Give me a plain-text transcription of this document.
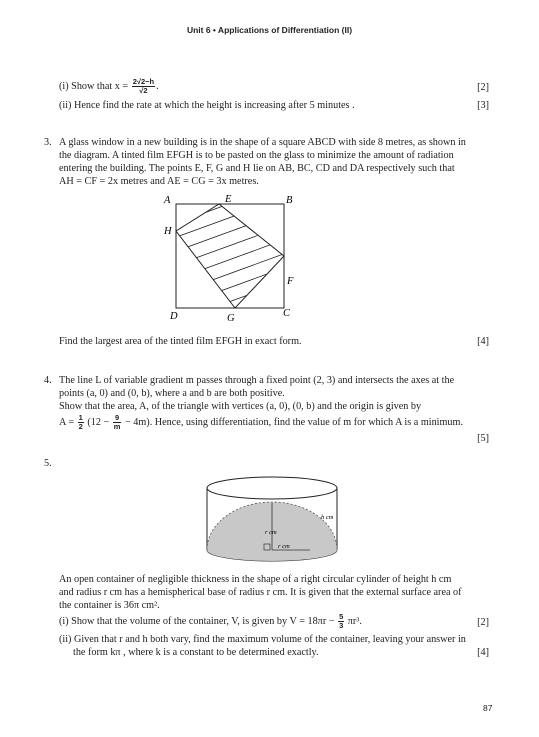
Unit 6 • Applications of Differentiation (II)
(i) Show that $x = \frac{2√2-h}{√2}$ .	[2]
(ii) Hence find the rate at which the height is increasing after 5 minutes .	[3]
3. A glass window in a new building is in the shape of a square ABCD with side 8 metres, as shown in
the diagram. A tinted film EFGH is to be pasted on the glass to minimize the amount of radiation
entering the building. The points E, F, G and H lie on AB, BC, CD and DA respectively such that
AH = CF = 2x metres and AE = CG = 3x metres.
A	E	B
H
F
D	G	C
Find the largest area of the tinted film EFGH in exact form.	[4]
4. The line L of variable gradient m passes through a fixed point (2, 3) and intersects the axes at the
points (a, 0) and (0, b), where a and b are both positive.
Show that the area, A, of the triangle with vertices (a, 0), (0, b) and the origin is given by
$A = \frac{1}{2} (12 - \frac{9}{m} - 4m)$. Hence, using differentiation, find the value of m for which A is a minimum.
[5]
5.
h cm
r cm
r cm
An open container of negligible thickness in the shape of a right circular cylinder of height h cm
and radius r cm has a hemispherical base of radius r cm. It is given that the external surface area of
the container is 36π cm².
(i) Show that the volume of the container, V, is given by $V = 18\pi r - \frac{5}{3} \pi r^3$.	[2]
(ii) Given that r and h both vary, find the maximum volume of the container, leaving your answer in
the form kπ , where k is a constant to be determined exactly.	[4]
87
